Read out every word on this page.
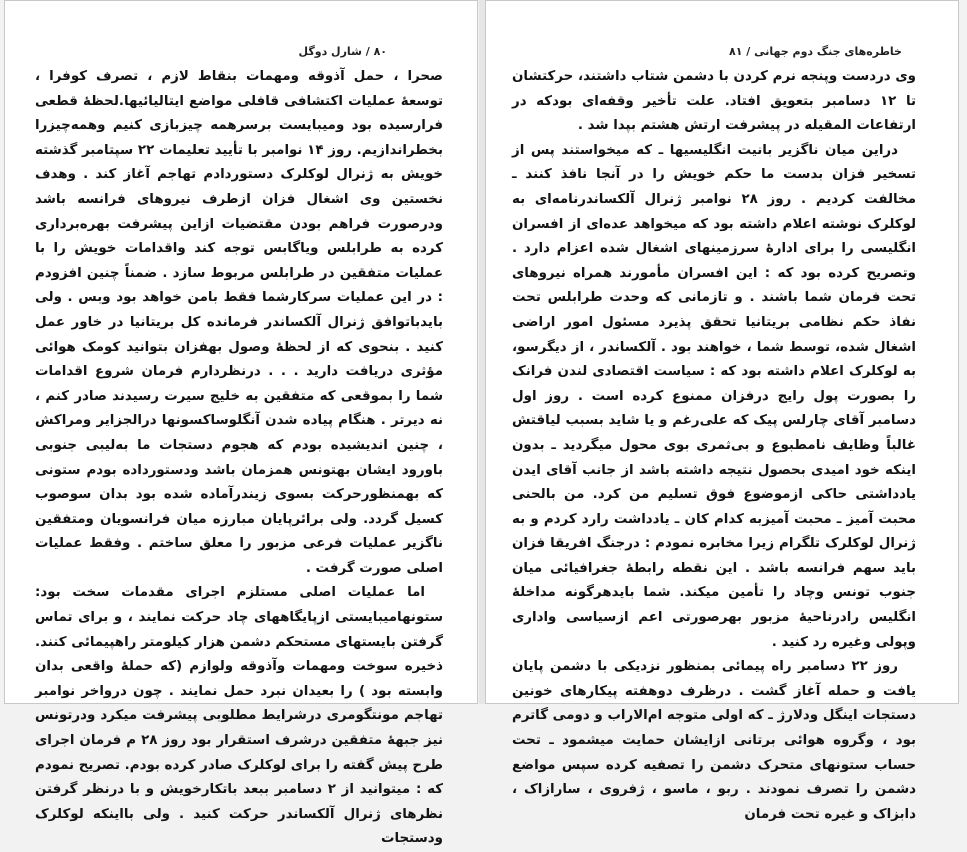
٨٠ / شارل دوگل

صحرا ، حمل آذوقه ومهمات بنقاط لازم ، تصرف کوفرا ، توسعهٔ عملیات اکتشافی قافلی مواضع ایتالیائیها.لحظهٔ قطعی فرارسیده بود ومیبایست برسرهمه چیزبازی کنیم وهمه‌چیزرا بخطراندازیم. روز ۱۴ نوامبر با تأیید تعلیمات ۲۲ سپتامبر گذشته خویش به ژنرال لوکلرک دستوردادم تهاجم آغاز کند . وهدف نخستین وی اشغال فزان ازطرف نیروهای فرانسه باشد ودرصورت فراهم بودن مقتضیات ازاین پیشرفت بهره‌برداری کرده به طرابلس ویاگابس توجه کند واقدامات خویش را با عملیات متفقین در طرابلس مربوط سازد . ضمناً چنین افزودم : در این عملیات سرکارشما فقط بامن خواهد بود وبس . ولی بایدباتوافق ژنرال آلکساندر فرمانده کل بریتانیا در خاور عمل کنید . بنحوی که از لحظهٔ وصول بهفزان بتوانید کومک هوائی مؤثری دریافت دارید . . . درنظردارم فرمان شروع اقدامات شما را بموقعی که متفقین به خلیج سیرت رسیدند صادر کنم ، نه دیرتر . هنگام پیاده شدن آنگلوساکسونها درالجزایر ومراکش ، چنین اندیشیده بودم که هجوم دستجات ما بەلیبی جنوبی باورود ایشان بهتونس همزمان باشد ودستورداده بودم ستونی که بهمنظورحرکت بسوی زیندرآماده شده بود بدان سوصوب کسیل گردد. ولی برائرپایان مبارزه میان فرانسویان ومتفقین ناگزیر عملیات فرعی مزبور را معلق ساختم . وفقط عملیات اصلی صورت گرفت .

اما عملیات اصلی مستلزم اجرای مقدمات سخت بود: ستونهامیبایستی ازپایگاههای چاد حرکت نمایند ، و برای تماس گرفتن بایستهای مستحکم دشمن هزار کیلومتر راهپیمائی کنند. ذخیره سوخت ومهمات وآذوقه ولوازم (که حملهٔ واقعی بدان وابسته بود ) را بعیدان نبرد حمل نمایند . چون درواخر نوامبر تهاجم مونتگومری درشرایط مطلوبی پیشرفت میکرد ودرتونس نیز جبههٔ متفقین درشرف استقرار بود روز ۲۸ م فرمان اجرای طرح پیش گفته را برای لوکلرک صادر کرده بودم. تصریح نمودم که : میتوانید از ۲ دسامبر ببعد باتکارخویش و با درنظر گرفتن نظرهای ژنرال آلکساندر حرکت کنید . ولی بااینکه لوکلرک ودستجات

خاطره‌های جنگ دوم جهانی / ۸۱

وی دردست وپنجه نرم کردن با دشمن شتاب داشتند، حرکتشان تا ۱۲ دسامبر بتعویق افتاد. علت تأخیر وقفه‌ای بودکه در ارتفاعات المقیله در پیشرفت ارتش هشتم بپدا شد .

دراین میان ناگزیر بانیت انگلیسیها ـ که میخواستند پس از تسخیر فزان بدست ما حکم خویش را در آنجا نافذ کنند ـ مخالفت کردیم . روز ۲۸ نوامبر ژنرال آلکساندرنامه‌ای به لوکلرک نوشته اعلام داشته بود که میخواهد عده‌ای از افسران انگلیسی را برای ادارهٔ سرزمینهای اشغال شده اعزام دارد . وتصریح کرده بود که : این افسران مأمورند همراه نیروهای تحت فرمان شما باشند . و تازمانی که وحدت طرابلس تحت نفاذ حکم نظامی بریتانیا تحقق پذیرد مسئول امور اراضی اشغال شده، توسط شما ، خواهند بود . آلکساندر ، از دیگرسو، به لوکلرک اعلام داشته بود که : سیاست اقتصادی لندن فرانک را بصورت پول رایج درفزان ممنوع کرده است . روز اول دسامبر آقای چارلس پیک که علی‌رغم و یا شاید بسبب لیاقتش غالباً وظایف نامطبوع و بی‌ثمری بوی محول میگردید ـ بدون اینکه خود امیدی بحصول نتیجه داشته باشد از جانب آقای ایدن یادداشتی حاکی ازموضوع فوق تسلیم من کرد. من بالحنی محبت آمیز ـ محبت آمیزبه کدام کان ـ یادداشت رارد کردم و به ژنرال لوکلرک تلگرام زیرا مخابره نمودم : درجنگ افریقا فزان باید سهم فرانسه باشد . این نقطه رابطهٔ جغرافیائی میان جنوب تونس وچاد را تأمین میکند. شما بایدهرگونه مداخلهٔ انگلیس رادرناحیهٔ مزبور بهرصورتی اعم ازسیاسی واداری وپولی وغیره رد کنید .

روز ۲۲ دسامبر راه پیمائی بمنظور نزدیکی با دشمن پایان یافت و حمله آغاز گشت . درظرف دوهفته پیکارهای خونین دستجات اینگل ودلارژ ـ که اولی متوجه ام‌الاراب و دومی گاترم بود ، وگروه هوائی برتانی ازایشان حمایت میشمود ـ تحت حساب ستونهای متحرک دشمن را تصفیه کرده سپس مواضع دشمن را تصرف نمودند . ربو ، ماسو ، ژفروی ، سارازاک ، دابزاک و غیره تحت فرمان
